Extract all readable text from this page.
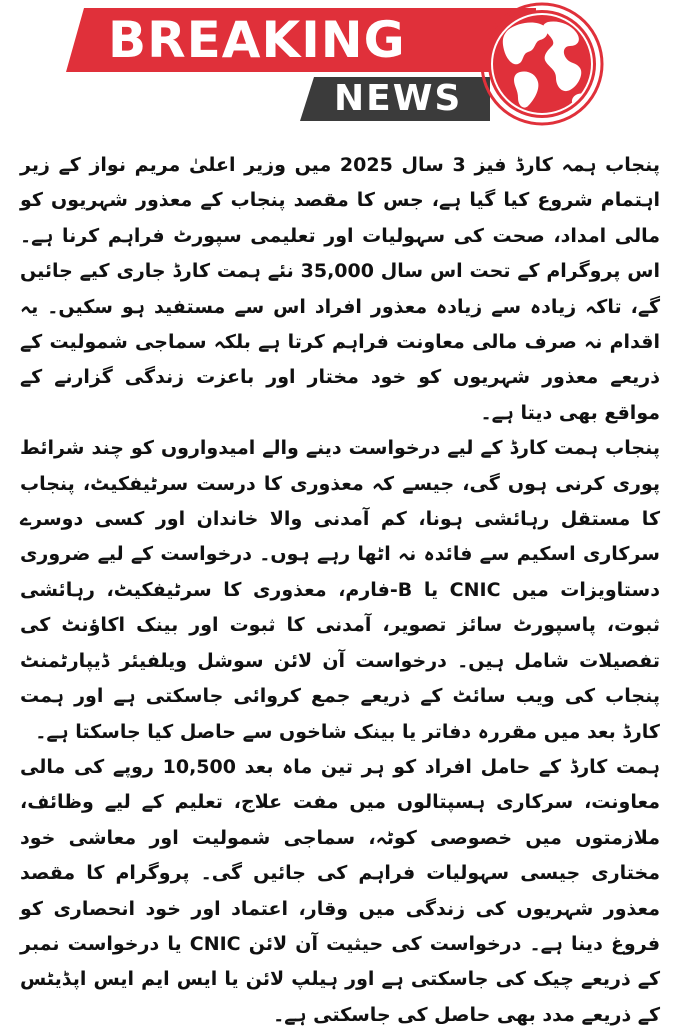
BREAKING
NEWS

پنجاب ہمہ کارڈ فیز 3 سال 2025 میں وزیر اعلیٰ مریم نواز کے زیر اہتمام شروع کیا گیا ہے، جس کا مقصد پنجاب کے معذور شہریوں کو مالی امداد، صحت کی سہولیات اور تعلیمی سپورٹ فراہم کرنا ہے۔ اس پروگرام کے تحت اس سال 35,000 نئے ہمت کارڈ جاری کیے جائیں گے، تاکہ زیادہ سے زیادہ معذور افراد اس سے مستفید ہو سکیں۔ یہ اقدام نہ صرف مالی معاونت فراہم کرتا ہے بلکہ سماجی شمولیت کے ذریعے معذور شہریوں کو خود مختار اور باعزت زندگی گزارنے کے مواقع بھی دیتا ہے۔

پنجاب ہمت کارڈ کے لیے درخواست دینے والے امیدواروں کو چند شرائط پوری کرنی ہوں گی، جیسے کہ معذوری کا درست سرٹیفکیٹ، پنجاب کا مستقل رہائشی ہونا، کم آمدنی والا خاندان اور کسی دوسرے سرکاری اسکیم سے فائدہ نہ اٹھا رہے ہوں۔ درخواست کے لیے ضروری دستاویزات میں CNIC یا B-فارم، معذوری کا سرٹیفکیٹ، رہائشی ثبوت، پاسپورٹ سائز تصویر، آمدنی کا ثبوت اور بینک اکاؤنٹ کی تفصیلات شامل ہیں۔ درخواست آن لائن سوشل ویلفیئر ڈیپارٹمنٹ پنجاب کی ویب سائٹ کے ذریعے جمع کروائی جاسکتی ہے اور ہمت کارڈ بعد میں مقررہ دفاتر یا بینک شاخوں سے حاصل کیا جاسکتا ہے۔

ہمت کارڈ کے حامل افراد کو ہر تین ماہ بعد 10,500 روپے کی مالی معاونت، سرکاری ہسپتالوں میں مفت علاج، تعلیم کے لیے وظائف، ملازمتوں میں خصوصی کوٹہ، سماجی شمولیت اور معاشی خود مختاری جیسی سہولیات فراہم کی جائیں گی۔ پروگرام کا مقصد معذور شہریوں کی زندگی میں وقار، اعتماد اور خود انحصاری کو فروغ دینا ہے۔ درخواست کی حیثیت آن لائن CNIC یا درخواست نمبر کے ذریعے چیک کی جاسکتی ہے اور ہیلپ لائن یا ایس ایم ایس اپڈیٹس کے ذریعے مدد بھی حاصل کی جاسکتی ہے۔
